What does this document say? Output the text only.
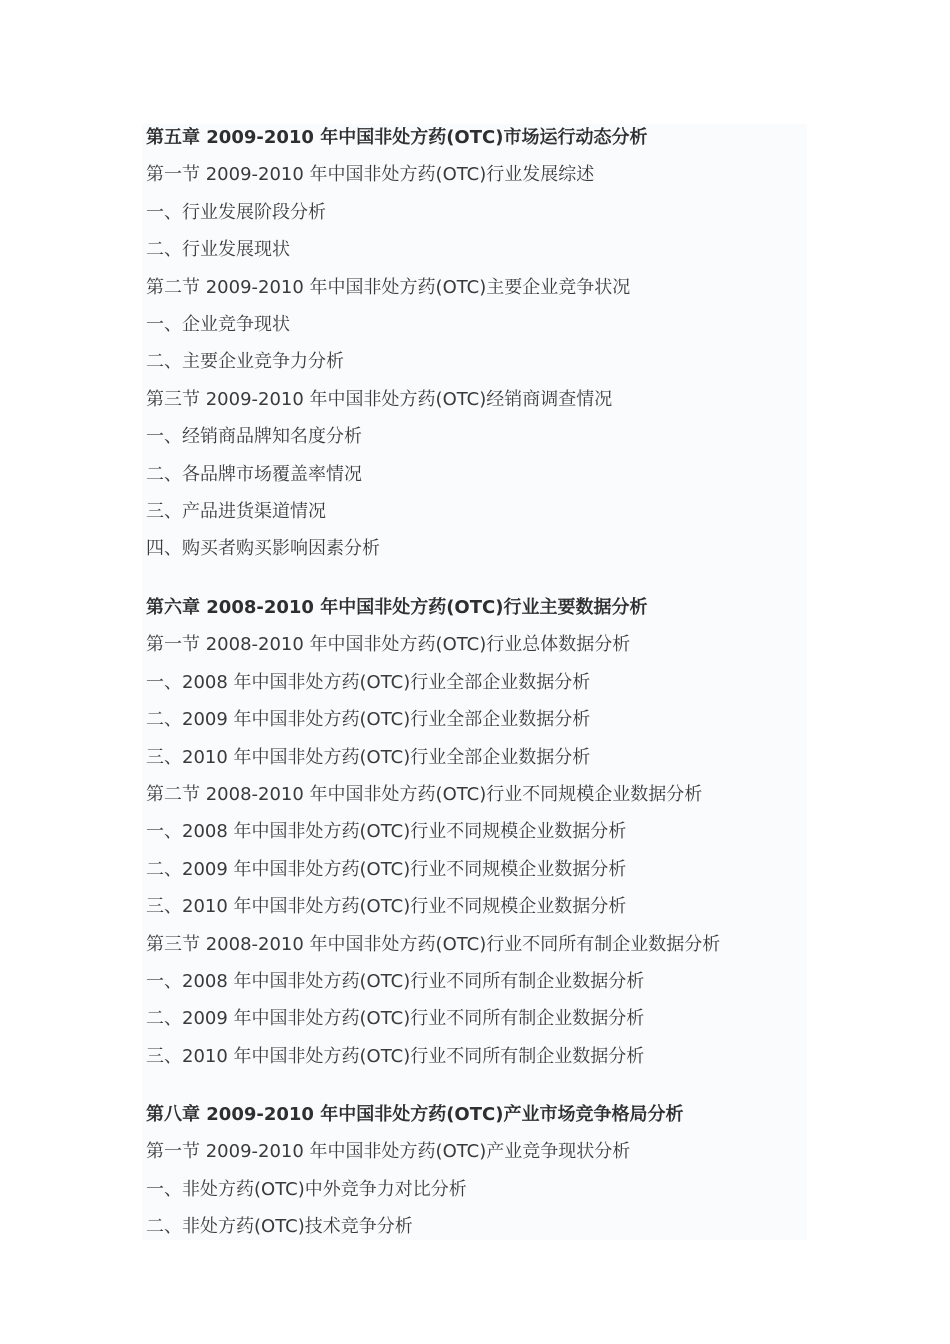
第五章 2009-2010 年中国非处方药(OTC)市场运行动态分析
第一节 2009-2010 年中国非处方药(OTC)行业发展综述
一、行业发展阶段分析
二、行业发展现状
第二节 2009-2010 年中国非处方药(OTC)主要企业竞争状况
一、企业竞争现状
二、主要企业竞争力分析
第三节 2009-2010 年中国非处方药(OTC)经销商调查情况
一、经销商品牌知名度分析
二、各品牌市场覆盖率情况
三、产品进货渠道情况
四、购买者购买影响因素分析
第六章 2008-2010 年中国非处方药(OTC)行业主要数据分析
第一节 2008-2010 年中国非处方药(OTC)行业总体数据分析
一、2008 年中国非处方药(OTC)行业全部企业数据分析
二、2009 年中国非处方药(OTC)行业全部企业数据分析
三、2010 年中国非处方药(OTC)行业全部企业数据分析
第二节 2008-2010 年中国非处方药(OTC)行业不同规模企业数据分析
一、2008 年中国非处方药(OTC)行业不同规模企业数据分析
二、2009 年中国非处方药(OTC)行业不同规模企业数据分析
三、2010 年中国非处方药(OTC)行业不同规模企业数据分析
第三节 2008-2010 年中国非处方药(OTC)行业不同所有制企业数据分析
一、2008 年中国非处方药(OTC)行业不同所有制企业数据分析
二、2009 年中国非处方药(OTC)行业不同所有制企业数据分析
三、2010 年中国非处方药(OTC)行业不同所有制企业数据分析
第八章 2009-2010 年中国非处方药(OTC)产业市场竞争格局分析
第一节 2009-2010 年中国非处方药(OTC)产业竞争现状分析
一、非处方药(OTC)中外竞争力对比分析
二、非处方药(OTC)技术竞争分析
